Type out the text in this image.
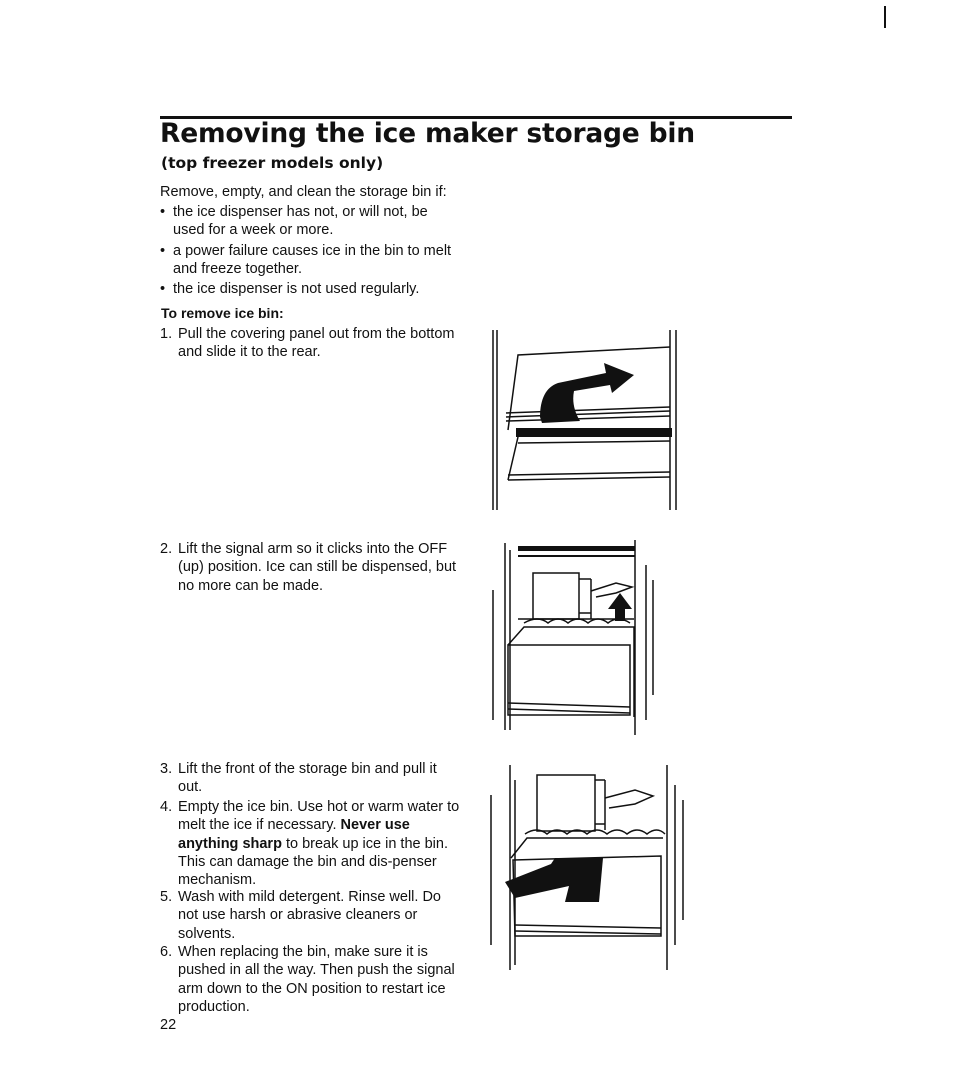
Removing the ice maker storage bin
(top freezer models only)
Remove, empty, and clean the storage bin if:
• the ice dispenser has not, or will not, be used for a week or more.
• a power failure causes ice in the bin to melt and freeze together.
• the ice dispenser is not used regularly.
To remove ice bin:
1. Pull the covering panel out from the bottom and slide it to the rear.
2. Lift the signal arm so it clicks into the OFF (up) position. Ice can still be dispensed, but no more can be made.
3. Lift the front of the storage bin and pull it out.
4. Empty the ice bin. Use hot or warm water to melt the ice if necessary. Never use anything sharp to break up ice in the bin. This can damage the bin and dis-penser mechanism.
5. Wash with mild detergent. Rinse well. Do not use harsh or abrasive cleaners or solvents.
6. When replacing the bin, make sure it is pushed in all the way. Then push the signal arm down to the ON position to restart ice production.
22
